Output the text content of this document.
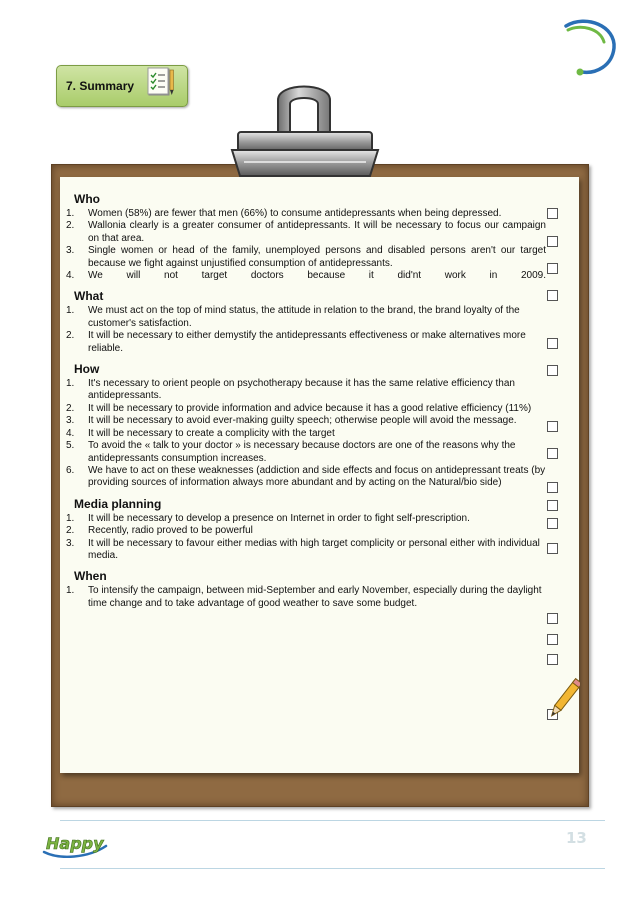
7. Summary
Who
1.	Women (58%) are fewer that men (66%) to consume antidepressants when being depressed.
2.	Wallonia clearly is a greater consumer of antidepressants. It will be necessary to focus our campaign on that area.
3.	Single women or head of the family, unemployed persons and disabled persons aren't our target because we fight against unjustified consumption of antidepressants.
4.	We will not target doctors because it did'nt work in 2009.
What
1.	We must act on the top of mind status, the attitude in relation to the brand, the brand loyalty of the customer's satisfaction.
2.	It will be necessary to either demystify the antidepressants effectiveness or make alternatives more reliable.
How
1.	It's necessary to orient people on psychotherapy because it has the same relative efficiency than antidepressants.
2.	It will be necessary to provide information and advice because it has a good relative efficiency (11%)
3.	It will be necessary to avoid ever-making guilty speech; otherwise people will avoid the message.
4.	It will be necessary to create a complicity with the target
5.	To avoid the « talk to your doctor » is necessary because doctors are one of the reasons why the antidepressants consumption increases.
6.	We have to act on these weaknesses (addiction and side effects and focus on antidepressant treats (by providing sources of information always more abundant and by acting on the Natural/bio side)
Media planning
1.	It will be necessary to develop a presence on Internet in order to fight self-prescription.
2.	Recently, radio proved to be powerful
3.	It will be necessary to favour either medias with high target complicity or personal either with individual media.
When
1.	To intensify the campaign, between mid-September and early November, especially during the daylight time change and to take advantage of good weather to save some budget.
Happy	13
